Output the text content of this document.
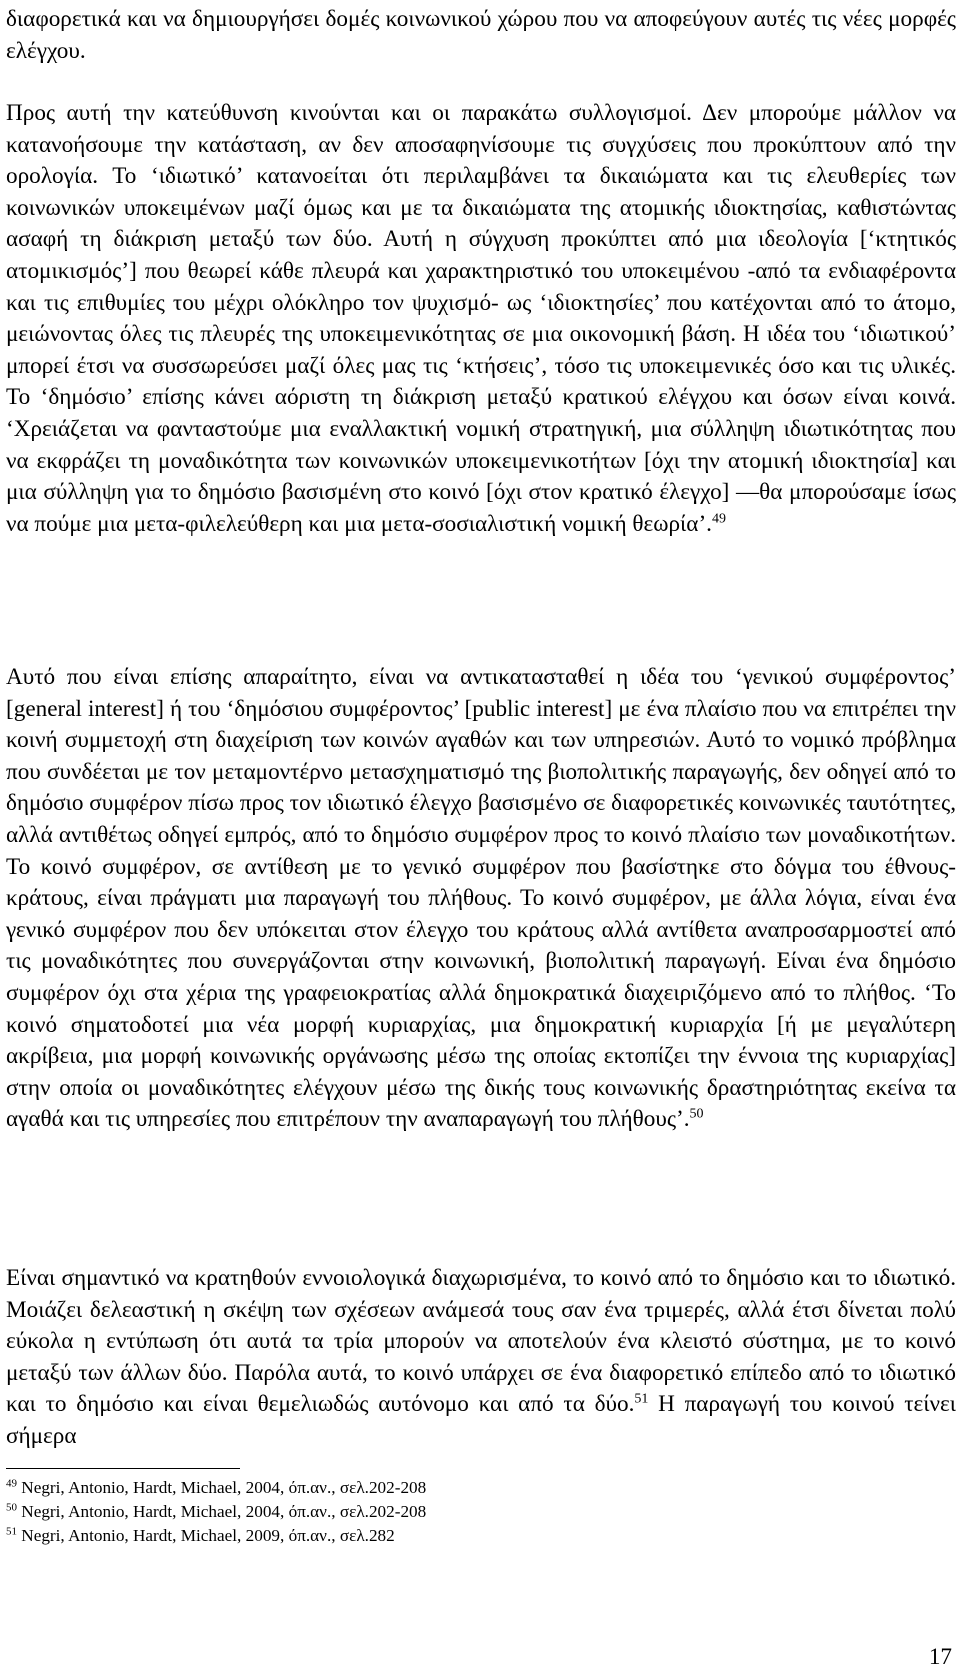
διαφορετικά και να δημιουργήσει δομές κοινωνικού χώρου που να αποφεύγουν αυτές τις νέες μορφές ελέγχου.

Προς αυτή την κατεύθυνση κινούνται και οι παρακάτω συλλογισμοί. Δεν μπορούμε μάλλον να κατανοήσουμε την κατάσταση, αν δεν αποσαφηνίσουμε τις συγχύσεις που προκύπτουν από την ορολογία. Το ‘ιδιωτικό’ κατανοείται ότι περιλαμβάνει τα δικαιώματα και τις ελευθερίες των κοινωνικών υποκειμένων μαζί όμως και με τα δικαιώματα της ατομικής ιδιοκτησίας, καθιστώντας ασαφή τη διάκριση μεταξύ των δύο. Αυτή η σύγχυση προκύπτει από μια ιδεολογία [‘κτητικός ατομικισμός’] που θεωρεί κάθε πλευρά και χαρακτηριστικό του υποκειμένου -από τα ενδιαφέροντα και τις επιθυμίες του μέχρι ολόκληρο τον ψυχισμό- ως ‘ιδιοκτησίες’ που κατέχονται από το άτομο, μειώνοντας όλες τις πλευρές της υποκειμενικότητας σε μια οικονομική βάση. Η ιδέα του ‘ιδιωτικού’ μπορεί έτσι να συσσωρεύσει μαζί όλες μας τις ‘κτήσεις’, τόσο τις υποκειμενικές όσο και τις υλικές. Το ‘δημόσιο’ επίσης κάνει αόριστη τη διάκριση μεταξύ κρατικού ελέγχου και όσων είναι κοινά. ‘Χρειάζεται να φανταστούμε μια εναλλακτική νομική στρατηγική, μια σύλληψη ιδιωτικότητας που να εκφράζει τη μοναδικότητα των κοινωνικών υποκειμενικοτήτων [όχι την ατομική ιδιοκτησία] και μια σύλληψη για το δημόσιο βασισμένη στο κοινό [όχι στον κρατικό έλεγχο] —θα μπορούσαμε ίσως να πούμε μια μετα-φιλελεύθερη και μια μετα-σοσιαλιστική νομική θεωρία’.$^{49}$

Αυτό που είναι επίσης απαραίτητο, είναι να αντικατασταθεί η ιδέα του ‘γενικού συμφέροντος’ [general interest] ή του ‘δημόσιου συμφέροντος’ [public interest] με ένα πλαίσιο που να επιτρέπει την κοινή συμμετοχή στη διαχείριση των κοινών αγαθών και των υπηρεσιών. Αυτό το νομικό πρόβλημα που συνδέεται με τον μεταμοντέρνο μετασχηματισμό της βιοπολιτικής παραγωγής, δεν οδηγεί από το δημόσιο συμφέρον πίσω προς τον ιδιωτικό έλεγχο βασισμένο σε διαφορετικές κοινωνικές ταυτότητες, αλλά αντιθέτως οδηγεί εμπρός, από το δημόσιο συμφέρον προς το κοινό πλαίσιο των μοναδικοτήτων. Το κοινό συμφέρον, σε αντίθεση με το γενικό συμφέρον που βασίστηκε στο δόγμα του έθνους-κράτους, είναι πράγματι μια παραγωγή του πλήθους. Το κοινό συμφέρον, με άλλα λόγια, είναι ένα γενικό συμφέρον που δεν υπόκειται στον έλεγχο του κράτους αλλά αντίθετα αναπροσαρμοστεί από τις μοναδικότητες που συνεργάζονται στην κοινωνική, βιοπολιτική παραγωγή. Είναι ένα δημόσιο συμφέρον όχι στα χέρια της γραφειοκρατίας αλλά δημοκρατικά διαχειριζόμενο από το πλήθος. ‘Το κοινό σηματοδοτεί μια νέα μορφή κυριαρχίας, μια δημοκρατική κυριαρχία [ή με μεγαλύτερη ακρίβεια, μια μορφή κοινωνικής οργάνωσης μέσω της οποίας εκτοπίζει την έννοια της κυριαρχίας] στην οποία οι μοναδικότητες ελέγχουν μέσω της δικής τους κοινωνικής δραστηριότητας εκείνα τα αγαθά και τις υπηρεσίες που επιτρέπουν την αναπαραγωγή του πλήθους’.$^{50}$

Είναι σημαντικό να κρατηθούν εννοιολογικά διαχωρισμένα, το κοινό από το δημόσιο και το ιδιωτικό. Μοιάζει δελεαστική η σκέψη των σχέσεων ανάμεσά τους σαν ένα τριμερές, αλλά έτσι δίνεται πολύ εύκολα η εντύπωση ότι αυτά τα τρία μπορούν να αποτελούν ένα κλειστό σύστημα, με το κοινό μεταξύ των άλλων δύο. Παρόλα αυτά, το κοινό υπάρχει σε ένα διαφορετικό επίπεδο από το ιδιωτικό και το δημόσιο και είναι θεμελιωδώς αυτόνομο και από τα δύο.$^{51}$ Η παραγωγή του κοινού τείνει σήμερα

$^{49}$ Negri, Antonio, Hardt, Michael, 2004, όπ.αν., σελ.202-208

$^{50}$ Negri, Antonio, Hardt, Michael, 2004, όπ.αν., σελ.202-208

$^{51}$ Negri, Antonio, Hardt, Michael, 2009, όπ.αν., σελ.282

17
